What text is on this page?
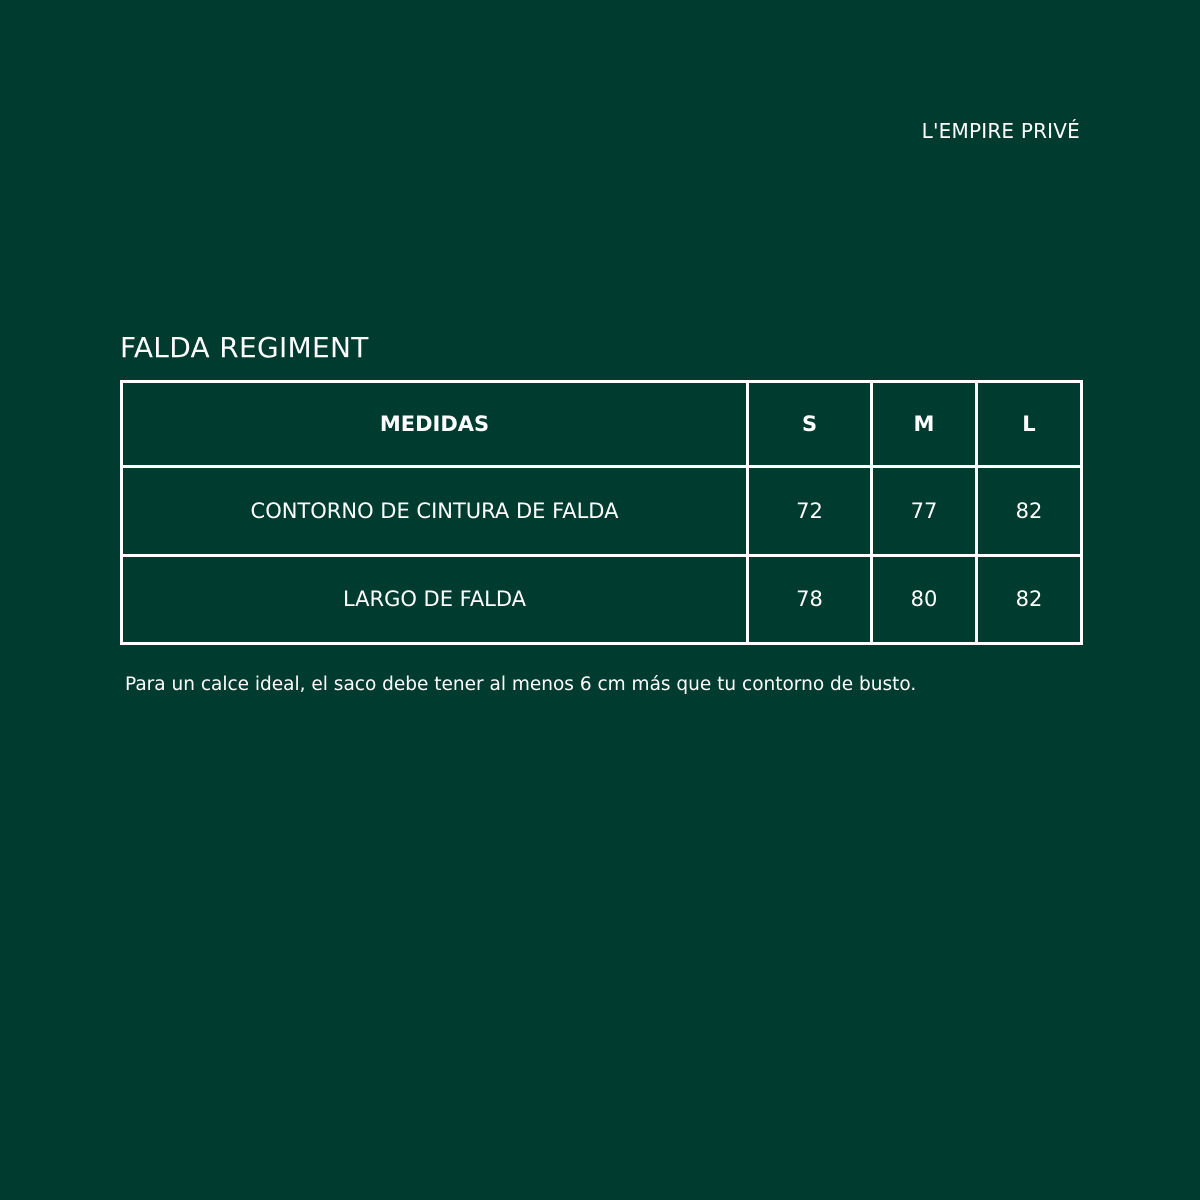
L'EMPIRE PRIVÉ
FALDA REGIMENT
MEDIDAS	S	M	L
CONTORNO DE CINTURA DE FALDA	72	77	82
LARGO DE FALDA	78	80	82
Para un calce ideal, el saco debe tener al menos 6 cm más que tu contorno de busto.
